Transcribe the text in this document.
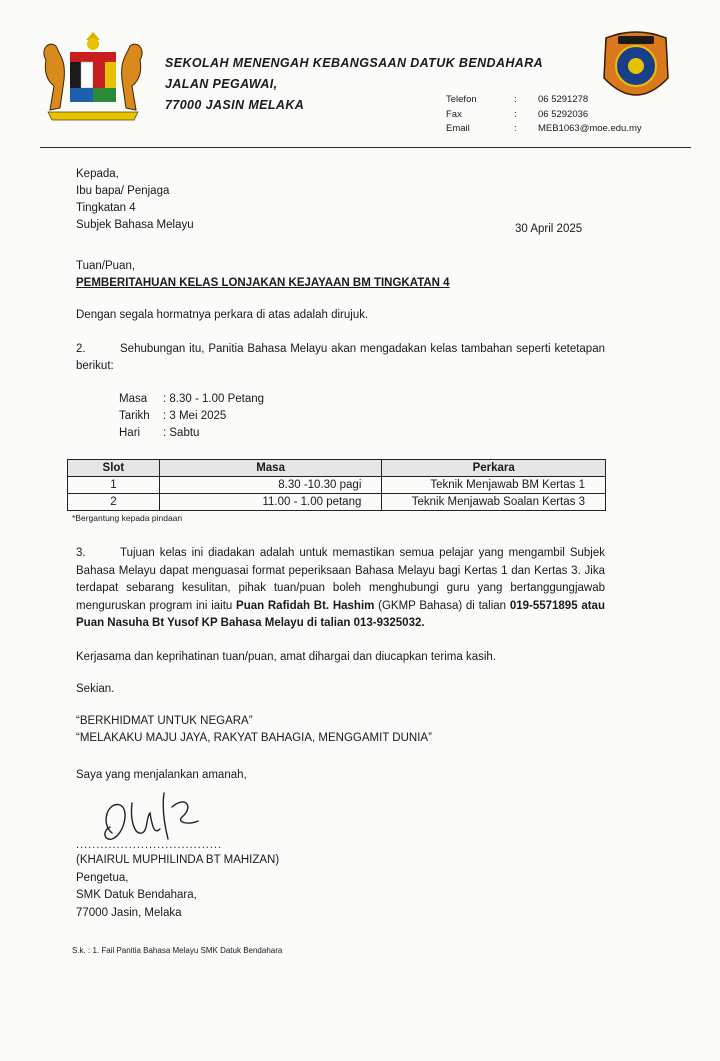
SEKOLAH MENENGAH KEBANGSAAN DATUK BENDAHARA
JALAN PEGAWAI,
77000 JASIN MELAKA	Telefon	:	06 5291278
Fax	:	06 5292036
Email	:	MEB1063@moe.edu.my
Kepada,
Ibu bapa/ Penjaga
Tingkatan 4
Subjek Bahasa Melayu	30 April 2025
Tuan/Puan,
PEMBERITAHUAN KELAS LONJAKAN KEJAYAAN BM TINGKATAN 4
Dengan segala hormatnya perkara di atas adalah dirujuk.
2.	Sehubungan itu, Panitia Bahasa Melayu akan mengadakan kelas tambahan seperti ketetapan berikut:
Masa	: 8.30 - 1.00 Petang
Tarikh	: 3 Mei 2025
Hari	: Sabtu
Slot	Masa	Perkara
1	8.30 -10.30 pagi	Teknik Menjawab BM Kertas 1
2	11.00 - 1.00 petang	Teknik Menjawab Soalan Kertas 3
*Bergantung kepada pindaan
3.	Tujuan kelas ini diadakan adalah untuk memastikan semua pelajar yang mengambil Subjek Bahasa Melayu dapat menguasai format peperiksaan Bahasa Melayu bagi Kertas 1 dan Kertas 3. Jika terdapat sebarang kesulitan, pihak tuan/puan boleh menghubungi guru yang bertanggungjawab menguruskan program ini iaitu Puan Rafidah Bt. Hashim (GKMP Bahasa) di talian 019-5571895 atau Puan Nasuha Bt Yusof KP Bahasa Melayu di talian 013-9325032.
Kerjasama dan keprihatinan tuan/puan, amat dihargai dan diucapkan terima kasih.
Sekian.
“BERKHIDMAT UNTUK NEGARA”
“MELAKAKU MAJU JAYA, RAKYAT BAHAGIA, MENGGAMIT DUNIA”
Saya yang menjalankan amanah,
....................................
(KHAIRUL MUPHILINDA BT MAHIZAN)
Pengetua,
SMK Datuk Bendahara,
77000 Jasin, Melaka
S.k. : 1. Fail Panitia Bahasa Melayu SMK Datuk Bendahara
